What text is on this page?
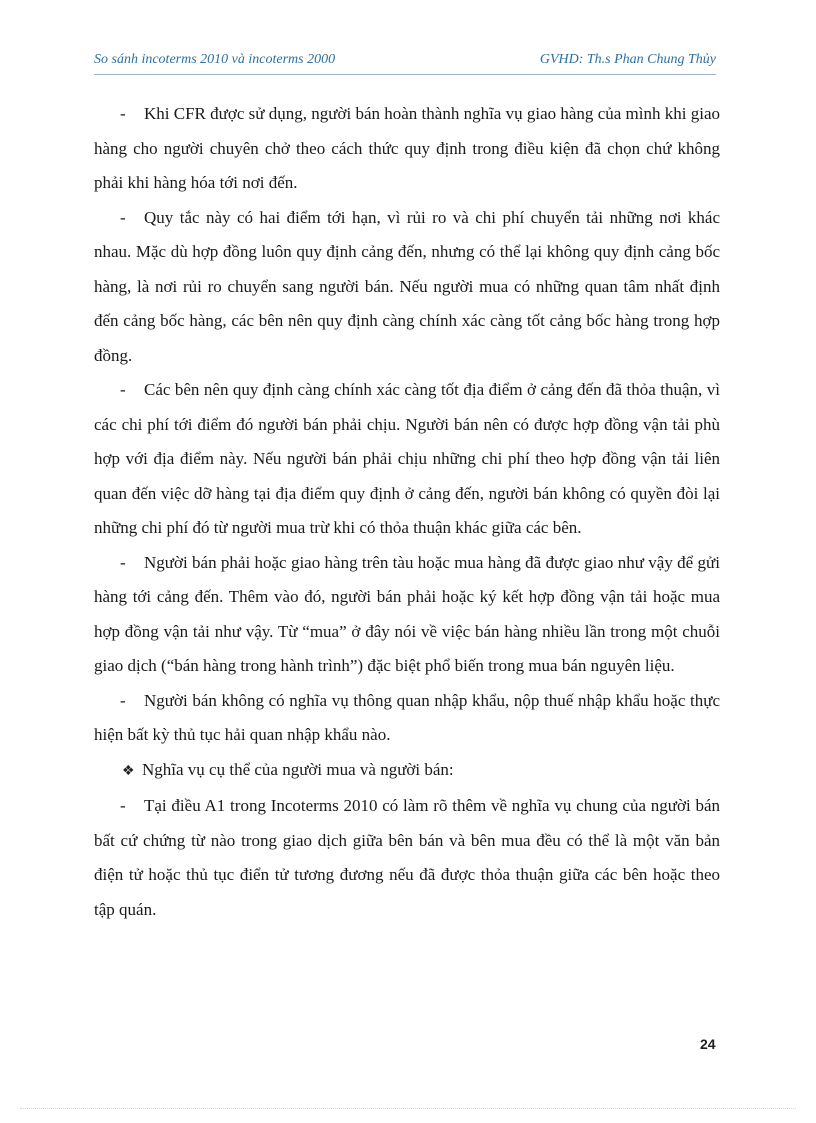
So sánh incoterms 2010 và incoterms 2000	GVHD: Th.s Phan Chung Thủy

- Khi CFR được sử dụng, người bán hoàn thành nghĩa vụ giao hàng của mình khi giao hàng cho người chuyên chở theo cách thức quy định trong điều kiện đã chọn chứ không phải khi hàng hóa tới nơi đến.

- Quy tắc này có hai điểm tới hạn, vì rủi ro và chi phí chuyển tải những nơi khác nhau. Mặc dù hợp đồng luôn quy định cảng đến, nhưng có thể lại không quy định cảng bốc hàng, là nơi rủi ro chuyển sang người bán. Nếu người mua có những quan tâm nhất định đến cảng bốc hàng, các bên nên quy định càng chính xác càng tốt cảng bốc hàng trong hợp đồng.

- Các bên nên quy định càng chính xác càng tốt địa điểm ở cảng đến đã thỏa thuận, vì các chi phí tới điểm đó người bán phải chịu. Người bán nên có được hợp đồng vận tải phù hợp với địa điểm này. Nếu người bán phải chịu những chi phí theo hợp đồng vận tải liên quan đến việc dỡ hàng tại địa điểm quy định ở cảng đến, người bán không có quyền đòi lại những chi phí đó từ người mua trừ khi có thỏa thuận khác giữa các bên.

- Người bán phải hoặc giao hàng trên tàu hoặc mua hàng đã được giao như vậy để gửi hàng tới cảng đến. Thêm vào đó, người bán phải hoặc ký kết hợp đồng vận tải hoặc mua hợp đồng vận tải như vậy. Từ “mua” ở đây nói về việc bán hàng nhiều lần trong một chuỗi giao dịch (“bán hàng trong hành trình”) đặc biệt phổ biến trong mua bán nguyên liệu.

- Người bán không có nghĩa vụ thông quan nhập khẩu, nộp thuế nhập khẩu hoặc thực hiện bất kỳ thủ tục hải quan nhập khẩu nào.

❖ Nghĩa vụ cụ thể của người mua và người bán:

- Tại điều A1 trong Incoterms 2010 có làm rõ thêm về nghĩa vụ chung của người bán bất cứ chứng từ nào trong giao dịch giữa bên bán và bên mua đều có thể là một văn bản điện tử hoặc thủ tục điển tử tương đương nếu đã được thỏa thuận giữa các bên hoặc theo tập quán.

24
